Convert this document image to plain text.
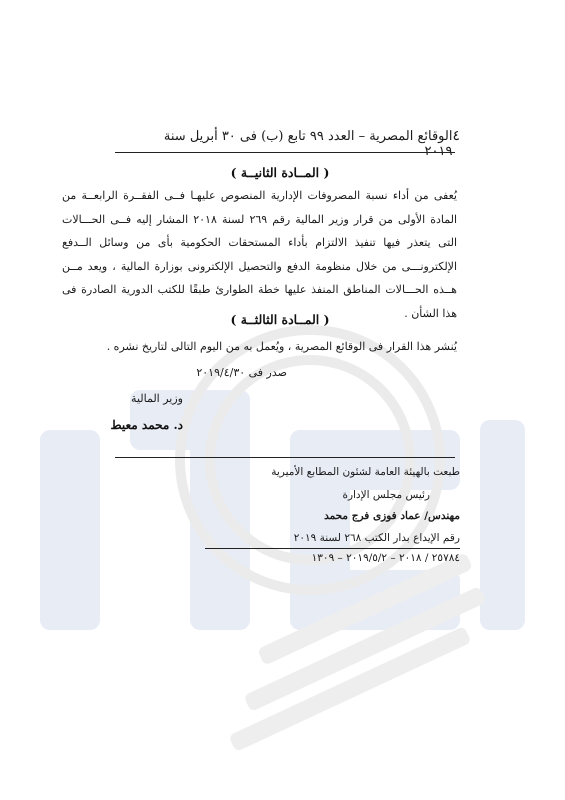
٤
الوقائع المصرية – العدد ٩٩ تابع (ب) فى ٣٠ أبريل سنة ٢٠١٩
( المــادة الثانيــة )
يُعفى من أداء نسبة المصروفات الإدارية المنصوص عليهـا فــى الفقــرة الرابعــة من المادة الأولى من قرار وزير المالية رقم ٢٦٩ لسنة ٢٠١٨ المشار إليه فــى الحـــالات التى يتعذر فيها تنفيذ الالتزام بأداء المستحقات الحكومية بأى من وسائل الــدفع الإلكترونـــى من خلال منظومة الدفع والتحصيل الإلكترونى بوزارة المالية ، ويعد مــن هــذه الحـــالات المناطق المنفذ عليها خطة الطوارئ طبقًا للكتب الدورية الصادرة فى هذا الشأن .
( المــادة الثالثــة )
يُنشر هذا القرار فى الوقائع المصرية ، ويُعمل به من اليوم التالى لتاريخ نشره .
صدر فى ٢٠١٩/٤/٣٠
وزير المالية
د. محمد معيط
طبعت بالهيئة العامة لشئون المطابع الأميرية
رئيس مجلس الإدارة
مهندس/ عماد فوزى فرج محمد
رقم الإيداع بدار الكتب ٢٦٨ لسنة ٢٠١٩
٢٥٧٨٤ / ٢٠١٨ – ٢٠١٩/٥/٢ – ١٣٠٩
